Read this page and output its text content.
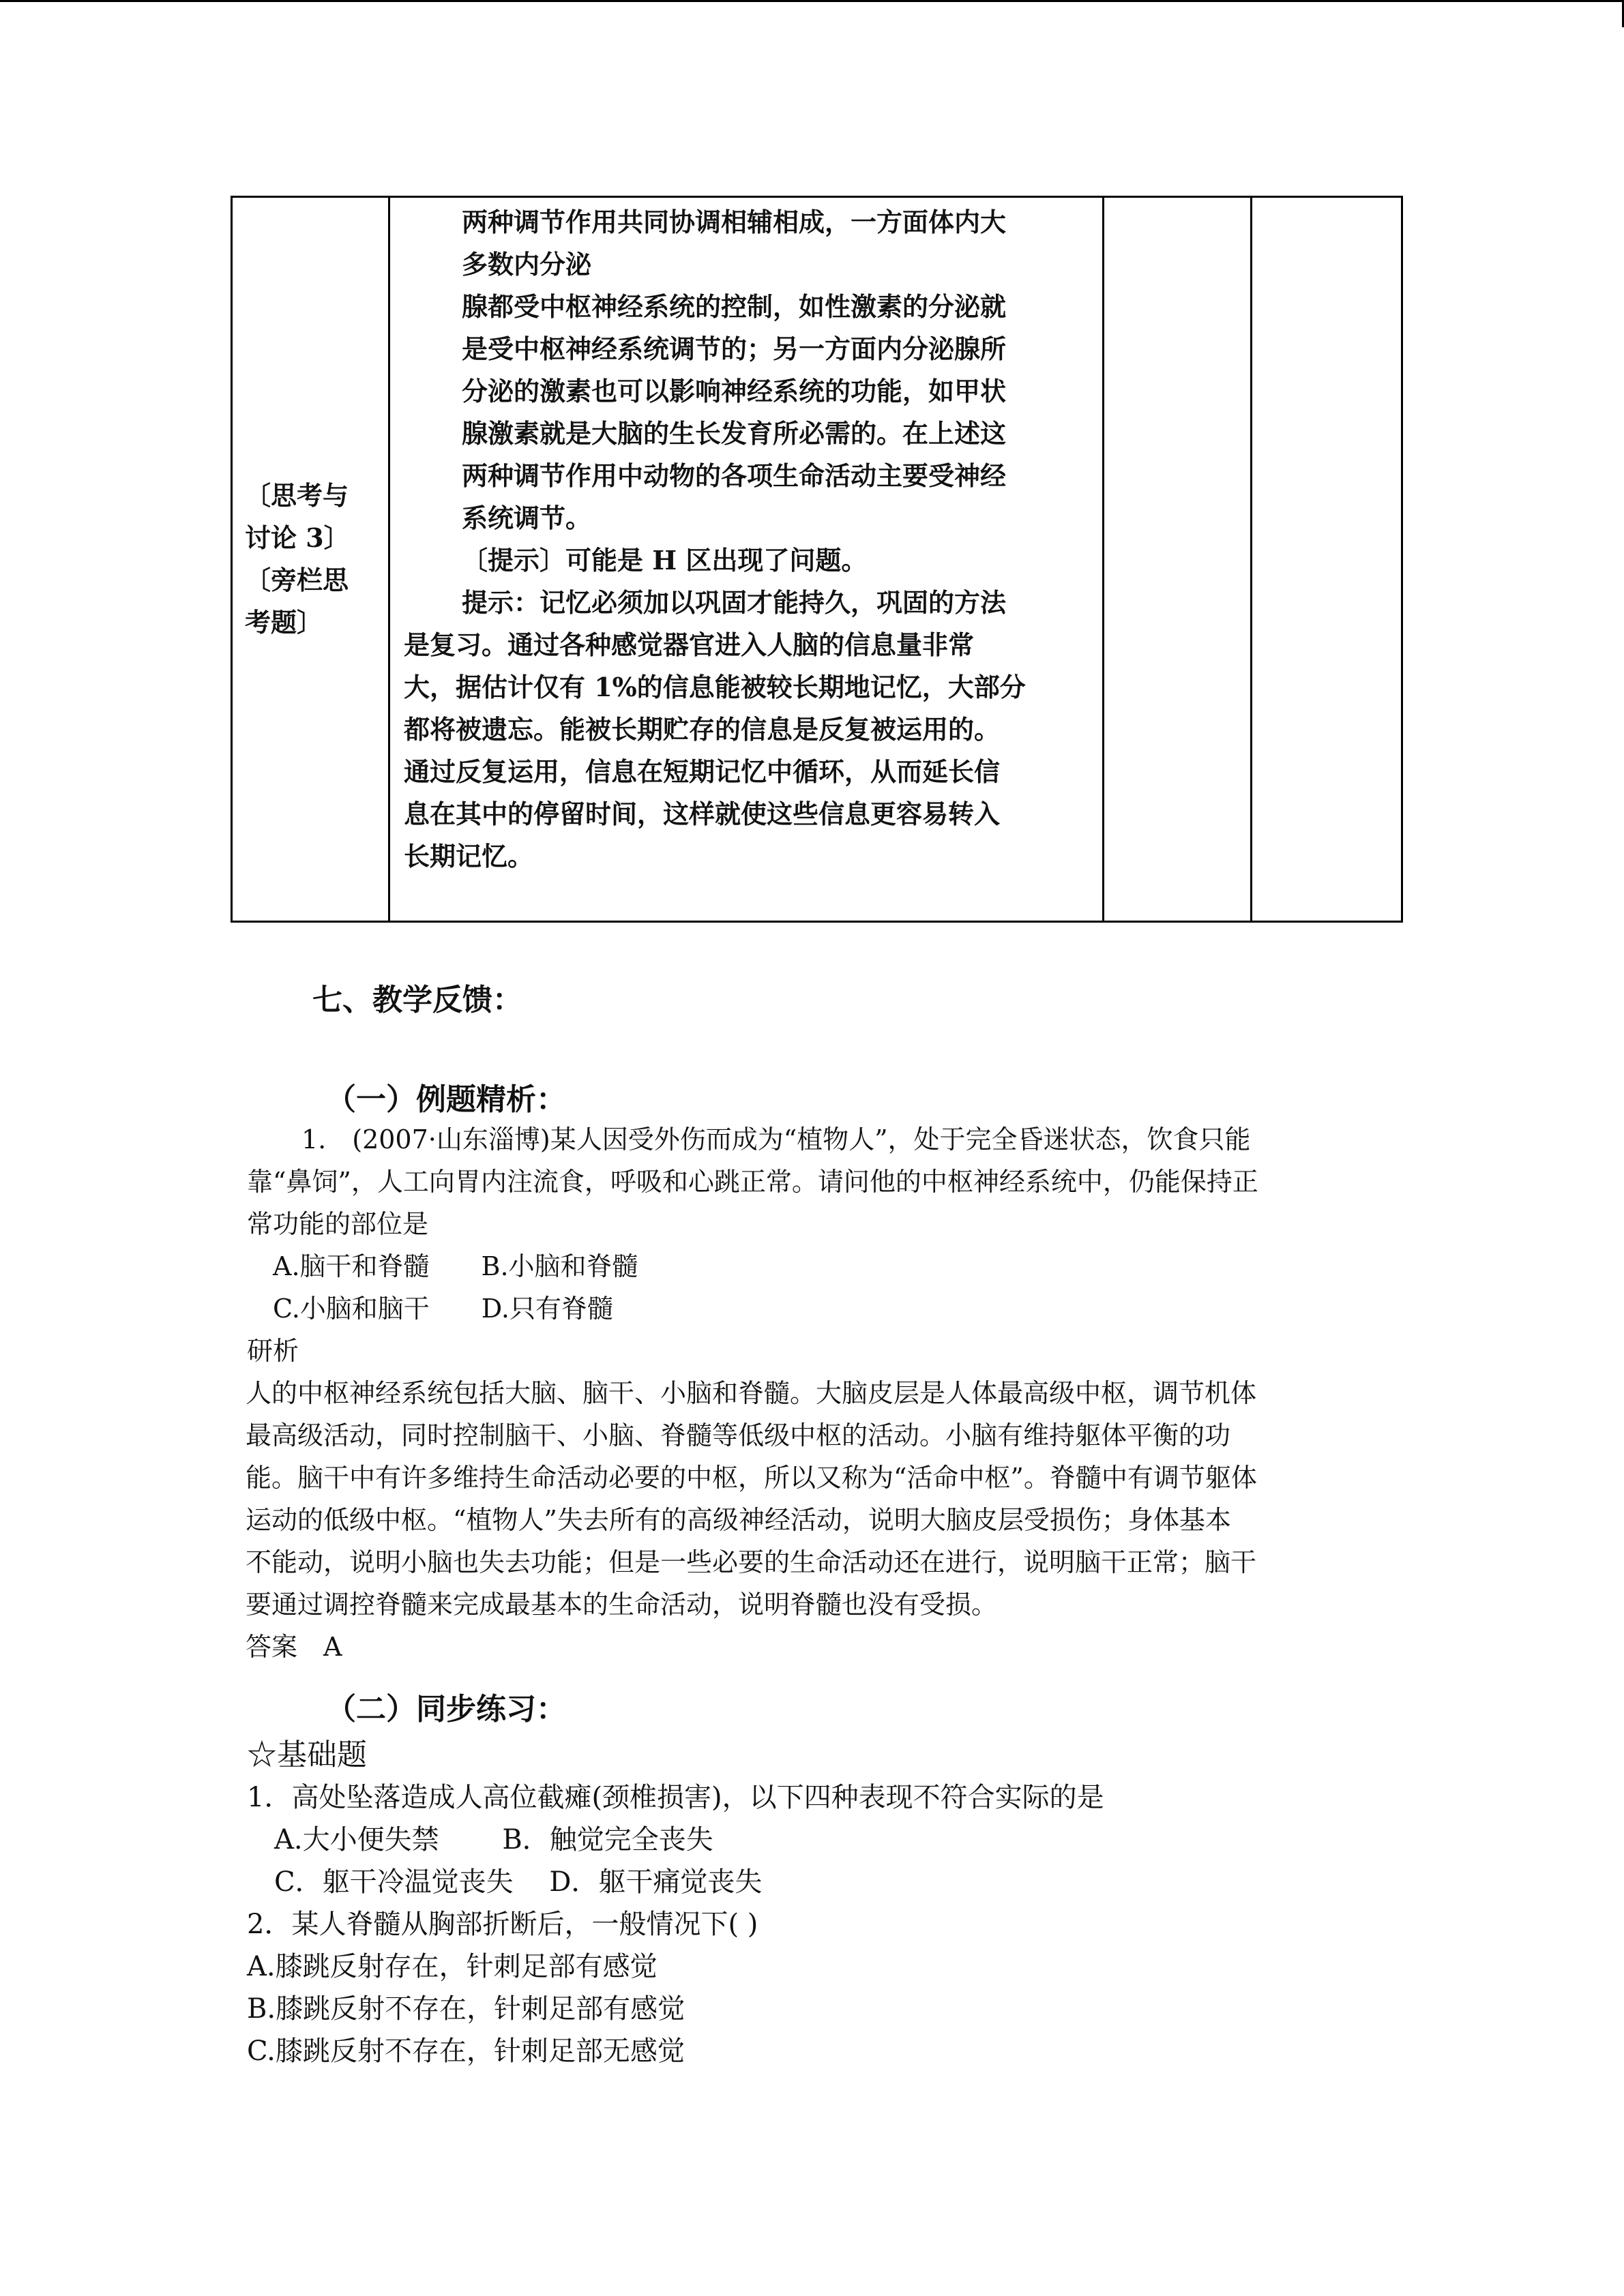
〔思考与
讨论 3〕
〔旁栏思
考题〕

两种调节作用共同协调相辅相成，一方面体内大

多数内分泌

腺都受中枢神经系统的控制，如性激素的分泌就

是受中枢神经系统调节的；另一方面内分泌腺所

分泌的激素也可以影响神经系统的功能，如甲状

腺激素就是大脑的生长发育所必需的。在上述这

两种调节作用中动物的各项生命活动主要受神经

系统调节。

〔提示〕可能是 H 区出现了问题。

提示：记忆必须加以巩固才能持久，巩固的方法

是复习。通过各种感觉器官进入人脑的信息量非常

大，据估计仅有 1%的信息能被较长期地记忆，大部分

都将被遗忘。能被长期贮存的信息是反复被运用的。

通过反复运用，信息在短期记忆中循环，从而延长信

息在其中的停留时间，这样就使这些信息更容易转入

长期记忆。

七、教学反馈：
（一）例题精析：

1.　(2007·山东淄博)某人因受外伤而成为“植物人”，处于完全昏迷状态，饮食只能

靠“鼻饲”，人工向胃内注流食，呼吸和心跳正常。请问他的中枢神经系统中，仍能保持正

常功能的部位是

A.脑干和脊髓　　B.小脑和脊髓

C.小脑和脑干　　D.只有脊髓

研析

人的中枢神经系统包括大脑、脑干、小脑和脊髓。大脑皮层是人体最高级中枢，调节机体

最高级活动，同时控制脑干、小脑、脊髓等低级中枢的活动。小脑有维持躯体平衡的功

能。脑干中有许多维持生命活动必要的中枢，所以又称为“活命中枢”。脊髓中有调节躯体

运动的低级中枢。“植物人”失去所有的高级神经活动，说明大脑皮层受损伤；身体基本

不能动，说明小脑也失去功能；但是一些必要的生命活动还在进行，说明脑干正常；脑干

要通过调控脊髓来完成最基本的生命活动，说明脊髓也没有受损。

答案　A

（二）同步练习：

☆基础题

1．高处坠落造成人高位截瘫(颈椎损害)，以下四种表现不符合实际的是

A.大小便失禁　　 B．触觉完全丧失

C．躯干冷温觉丧失　 D．躯干痛觉丧失

2．某人脊髓从胸部折断后，一般情况下( )

A.膝跳反射存在，针刺足部有感觉

B.膝跳反射不存在，针刺足部有感觉

C.膝跳反射不存在，针刺足部无感觉
